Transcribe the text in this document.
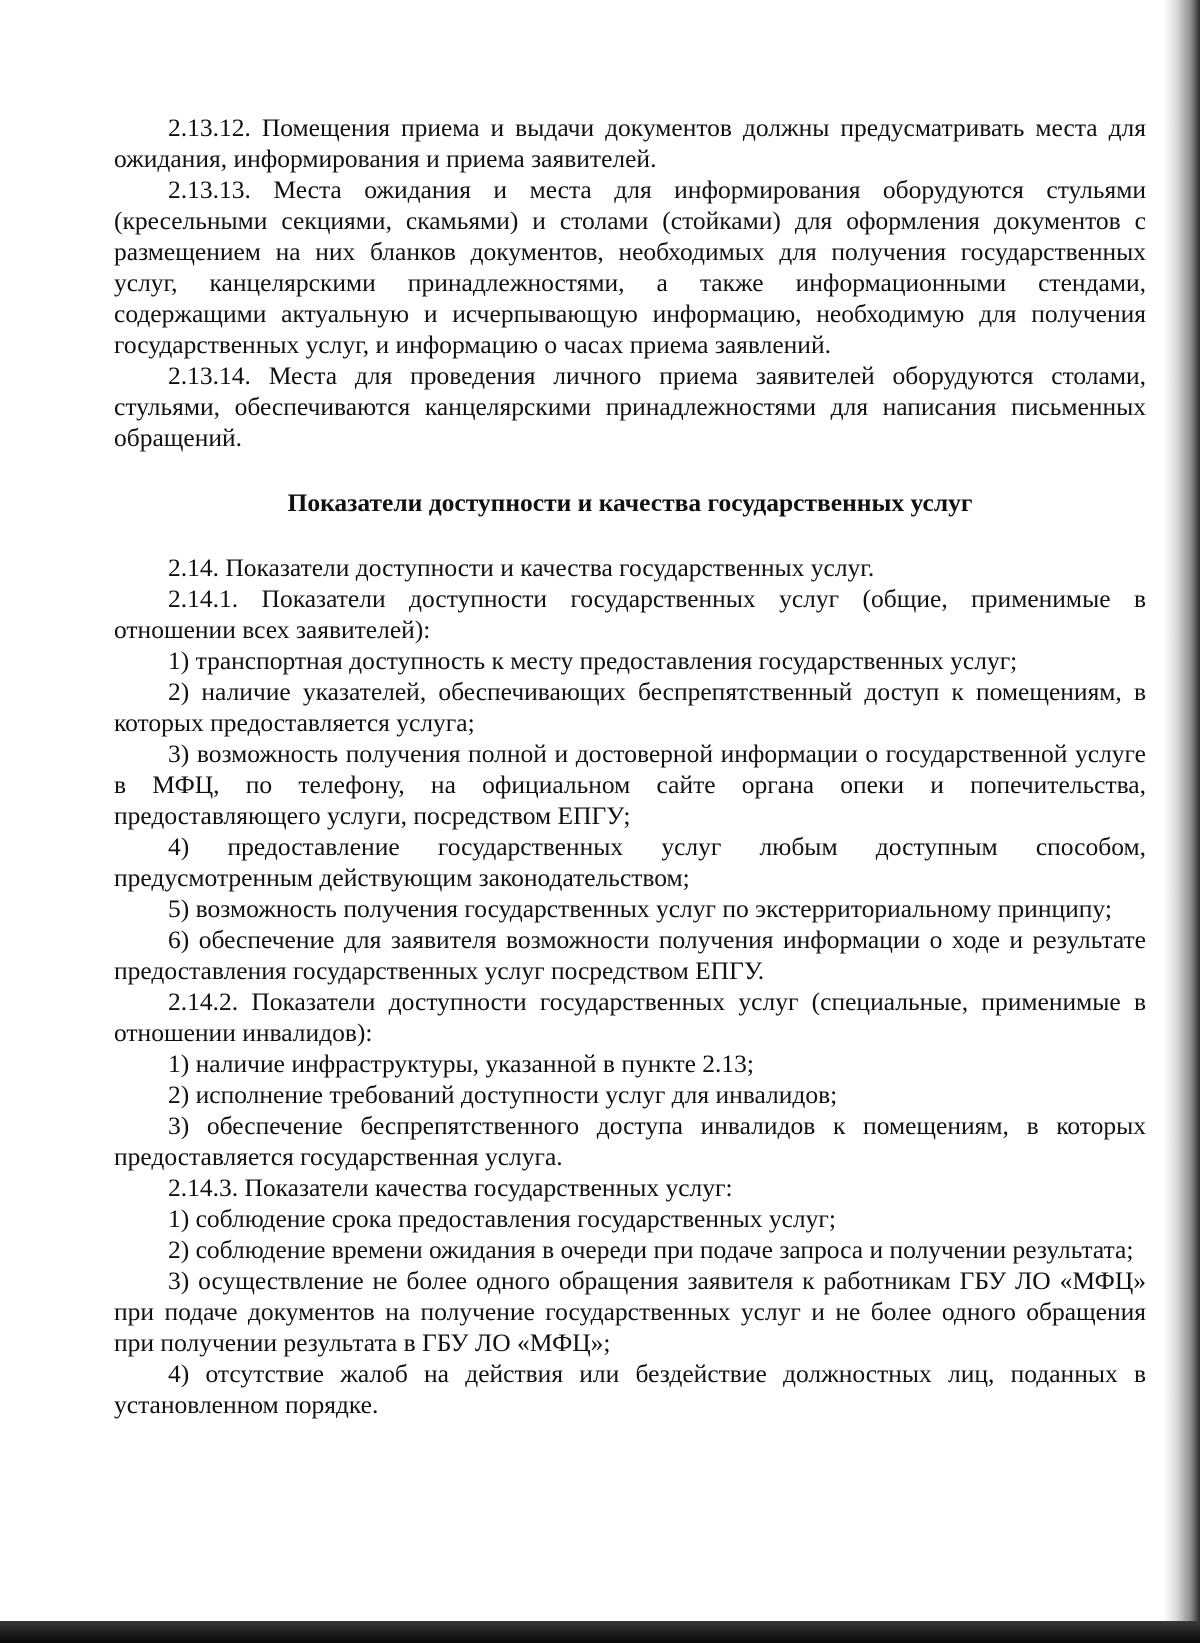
2.13.12. Помещения приема и выдачи документов должны предусматривать места для ожидания, информирования и приема заявителей.

2.13.13. Места ожидания и места для информирования оборудуются стульями (кресельными секциями, скамьями) и столами (стойками) для оформления документов с размещением на них бланков документов, необходимых для получения государственных услуг, канцелярскими принадлежностями, а также информационными стендами, содержащими актуальную и исчерпывающую информацию, необходимую для получения государственных услуг, и информацию о часах приема заявлений.

2.13.14. Места для проведения личного приема заявителей оборудуются столами, стульями, обеспечиваются канцелярскими принадлежностями для написания письменных обращений.

Показатели доступности и качества государственных услуг

2.14. Показатели доступности и качества государственных услуг.

2.14.1. Показатели доступности государственных услуг (общие, применимые в отношении всех заявителей):

1) транспортная доступность к месту предоставления государственных услуг;

2) наличие указателей, обеспечивающих беспрепятственный доступ к помещениям, в которых предоставляется услуга;

3) возможность получения полной и достоверной информации о государственной услуге в МФЦ, по телефону, на официальном сайте органа опеки и попечительства, предоставляющего услуги, посредством ЕПГУ;

4) предоставление государственных услуг любым доступным способом, предусмотренным действующим законодательством;

5) возможность получения государственных услуг по экстерриториальному принципу;

6) обеспечение для заявителя возможности получения информации о ходе и результате предоставления государственных услуг посредством ЕПГУ.

2.14.2. Показатели доступности государственных услуг (специальные, применимые в отношении инвалидов):

1) наличие инфраструктуры, указанной в пункте 2.13;

2) исполнение требований доступности услуг для инвалидов;

3) обеспечение беспрепятственного доступа инвалидов к помещениям, в которых предоставляется государственная услуга.

2.14.3. Показатели качества государственных услуг:

1) соблюдение срока предоставления государственных услуг;

2) соблюдение времени ожидания в очереди при подаче запроса и получении результата;

3) осуществление не более одного обращения заявителя к работникам ГБУ ЛО «МФЦ» при подаче документов на получение государственных услуг и не более одного обращения при получении результата в ГБУ ЛО «МФЦ»;

4) отсутствие жалоб на действия или бездействие должностных лиц, поданных в установленном порядке.
